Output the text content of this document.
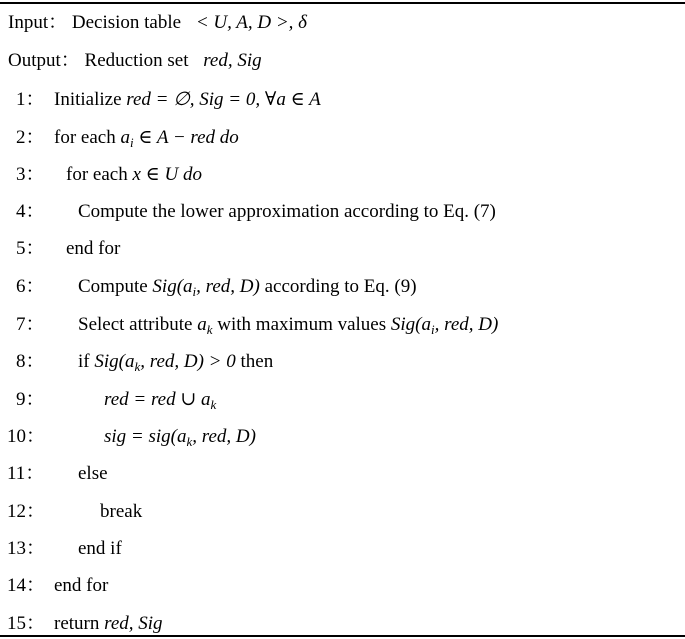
Input： Decision table < U, A, D >, δ
Output： Reduction set red, Sig
1： Initialize red = ∅, Sig = 0, ∀a ∈ A
2： for each $a_i$ ∈ A − red do
3：	for each x ∈ U do
4：	Compute the lower approximation according to Eq. (7)
5：	end for
6：	Compute $Sig(a_i$, red, D) according to Eq. (9)
7：	Select attribute $a_k$ with maximum values $Sig(a_i$, red, D)
8：	if $Sig(a_k$, red, D) > 0 then
9：	red = red ∪ $a_k$
10：	sig = $sig(a_k$, red, D)
11：	else
12：	break
13：	end if
14： end for
15： return red, Sig
